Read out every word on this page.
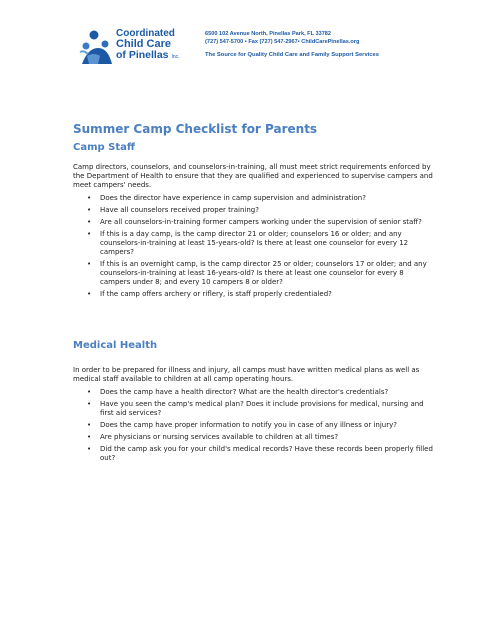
Coordinated
Child Care
of Pinellas Inc.
6500 102 Avenue North, Pinellas Park, FL 33782
(727) 547-5700 • Fax (727) 547-2967• ChildCarePinellas.org
The Source for Quality Child Care and Family Support Services
Summer Camp Checklist for Parents
Camp Staff

Camp directors, counselors, and counselors-in-training, all must meet strict requirements enforced by the Department of Health to ensure that they are qualified and experienced to supervise campers and meet campers' needs.

• Does the director have experience in camp supervision and administration?
• Have all counselors received proper training?
• Are all counselors-in-training former campers working under the supervision of senior staff?
• If this is a day camp, is the camp director 21 or older; counselors 16 or older; and any counselors-in-training at least 15-years-old? Is there at least one counselor for every 12 campers?
• If this is an overnight camp, is the camp director 25 or older; counselors 17 or older; and any counselors-in-training at least 16-years-old? Is there at least one counselor for every 8 campers under 8; and every 10 campers 8 or older?
• If the camp offers archery or riflery, is staff properly credentialed?
Medical Health

In order to be prepared for illness and injury, all camps must have written medical plans as well as medical staff available to children at all camp operating hours.

• Does the camp have a health director? What are the health director's credentials?
• Have you seen the camp's medical plan? Does it include provisions for medical, nursing and first aid services?
• Does the camp have proper information to notify you in case of any illness or injury?
• Are physicians or nursing services available to children at all times?
• Did the camp ask you for your child's medical records? Have these records been properly filled out?
